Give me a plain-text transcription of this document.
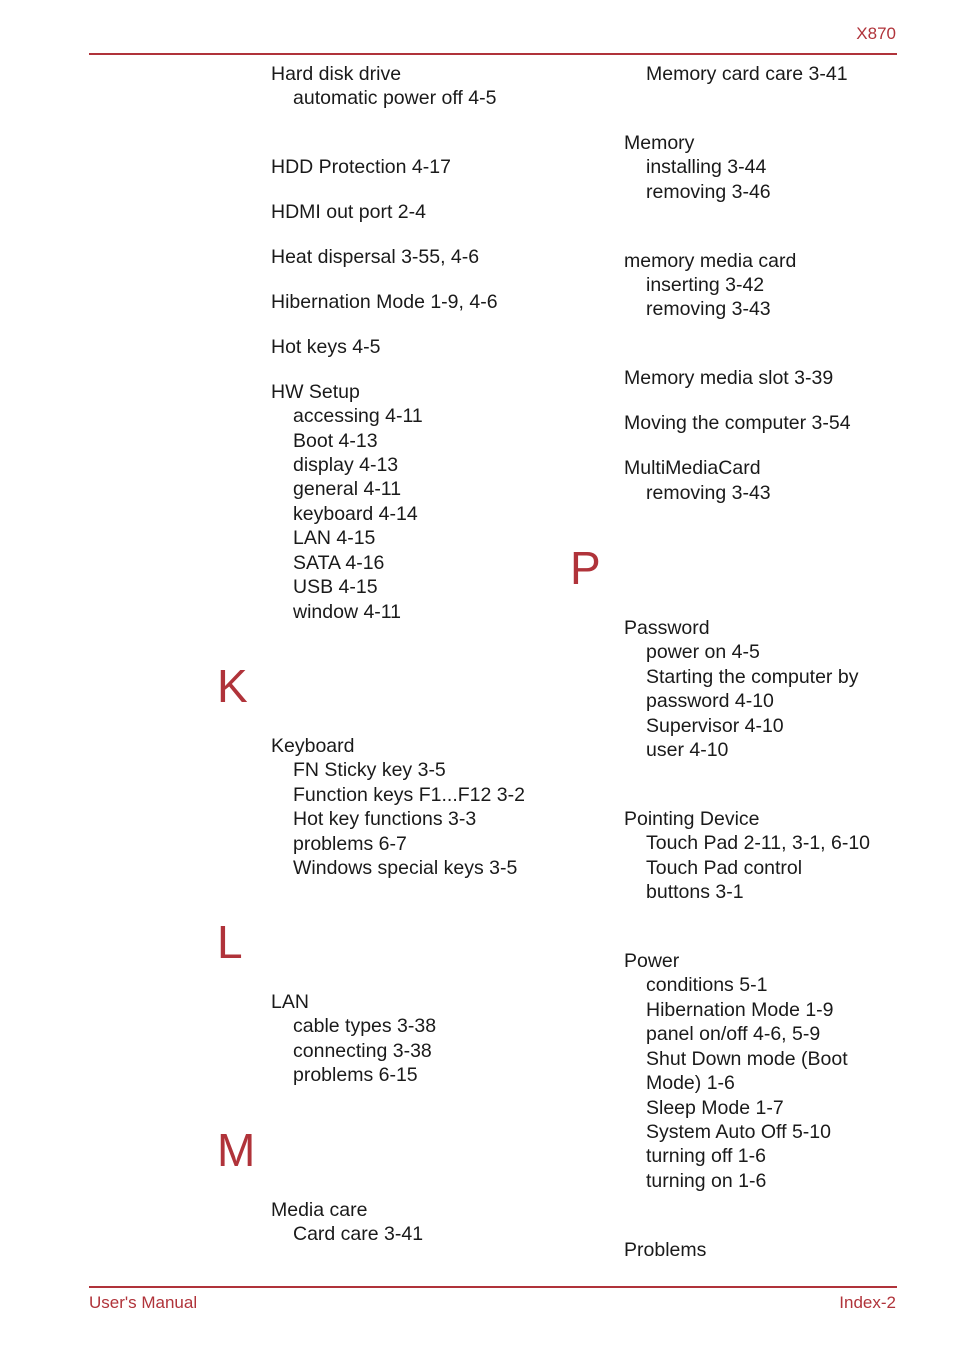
X870
Hard disk drive
automatic power off 4-5
HDD Protection 4-17
HDMI out port 2-4
Heat dispersal 3-55, 4-6
Hibernation Mode 1-9, 4-6
Hot keys 4-5
HW Setup
accessing 4-11
Boot 4-13
display 4-13
general 4-11
keyboard 4-14
LAN 4-15
SATA 4-16
USB 4-15
window 4-11
K
Keyboard
FN Sticky key 3-5
Function keys F1...F12 3-2
Hot key functions 3-3
problems 6-7
Windows special keys 3-5
L
LAN
cable types 3-38
connecting 3-38
problems 6-15
M
Media care
Card care 3-41
Memory card care 3-41
Memory
installing 3-44
removing 3-46
memory media card
inserting 3-42
removing 3-43
Memory media slot 3-39
Moving the computer 3-54
MultiMediaCard
removing 3-43
P
Password
power on 4-5
Starting the computer by
password 4-10
Supervisor 4-10
user 4-10
Pointing Device
Touch Pad 2-11, 3-1, 6-10
Touch Pad control
buttons 3-1
Power
conditions 5-1
Hibernation Mode 1-9
panel on/off 4-6, 5-9
Shut Down mode (Boot
Mode) 1-6
Sleep Mode 1-7
System Auto Off 5-10
turning off 1-6
turning on 1-6
Problems
User's Manual	Index-2
